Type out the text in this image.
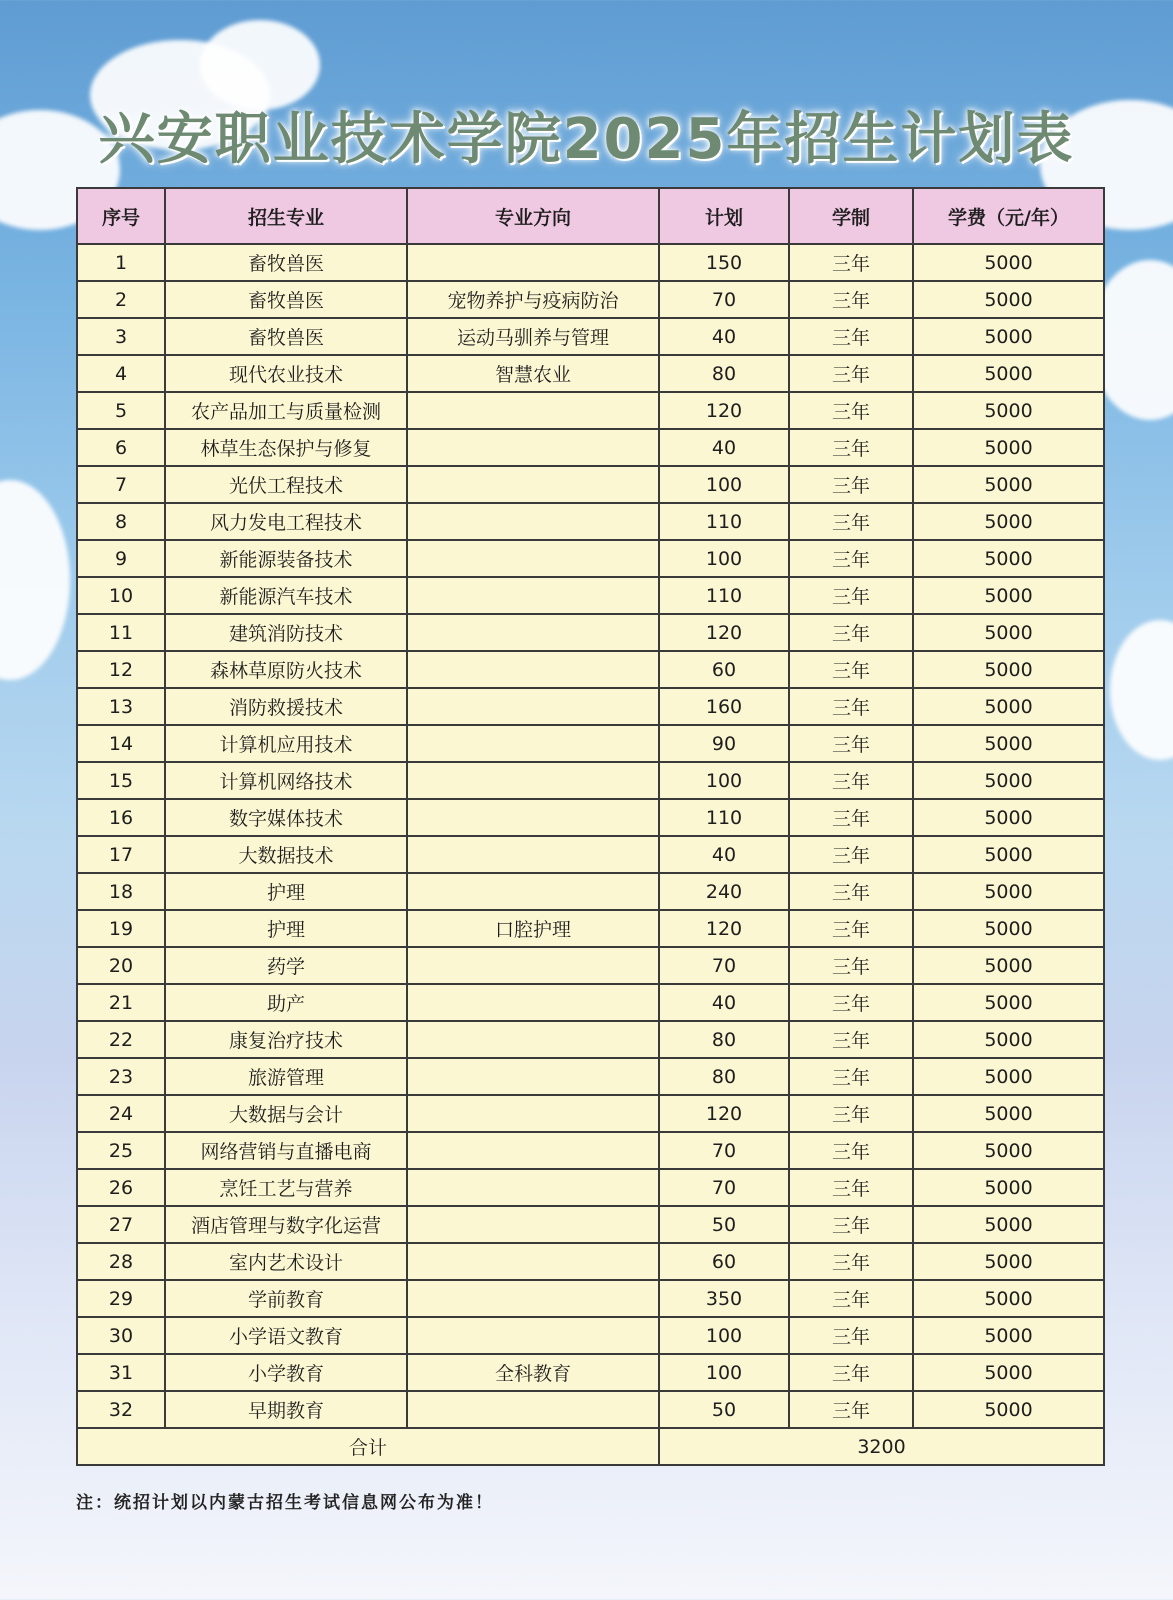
兴安职业技术学院2025年招生计划表
序号	招生专业	专业方向	计划	学制	学费（元/年）
1	畜牧兽医		150	三年	5000
2	畜牧兽医	宠物养护与疫病防治	70	三年	5000
3	畜牧兽医	运动马驯养与管理	40	三年	5000
4	现代农业技术	智慧农业	80	三年	5000
5	农产品加工与质量检测		120	三年	5000
6	林草生态保护与修复		40	三年	5000
7	光伏工程技术		100	三年	5000
8	风力发电工程技术		110	三年	5000
9	新能源装备技术		100	三年	5000
10	新能源汽车技术		110	三年	5000
11	建筑消防技术		120	三年	5000
12	森林草原防火技术		60	三年	5000
13	消防救援技术		160	三年	5000
14	计算机应用技术		90	三年	5000
15	计算机网络技术		100	三年	5000
16	数字媒体技术		110	三年	5000
17	大数据技术		40	三年	5000
18	护理		240	三年	5000
19	护理	口腔护理	120	三年	5000
20	药学		70	三年	5000
21	助产		40	三年	5000
22	康复治疗技术		80	三年	5000
23	旅游管理		80	三年	5000
24	大数据与会计		120	三年	5000
25	网络营销与直播电商		70	三年	5000
26	烹饪工艺与营养		70	三年	5000
27	酒店管理与数字化运营		50	三年	5000
28	室内艺术设计		60	三年	5000
29	学前教育		350	三年	5000
30	小学语文教育		100	三年	5000
31	小学教育	全科教育	100	三年	5000
32	早期教育		50	三年	5000
合计			3200		
注：统招计划以内蒙古招生考试信息网公布为准！
